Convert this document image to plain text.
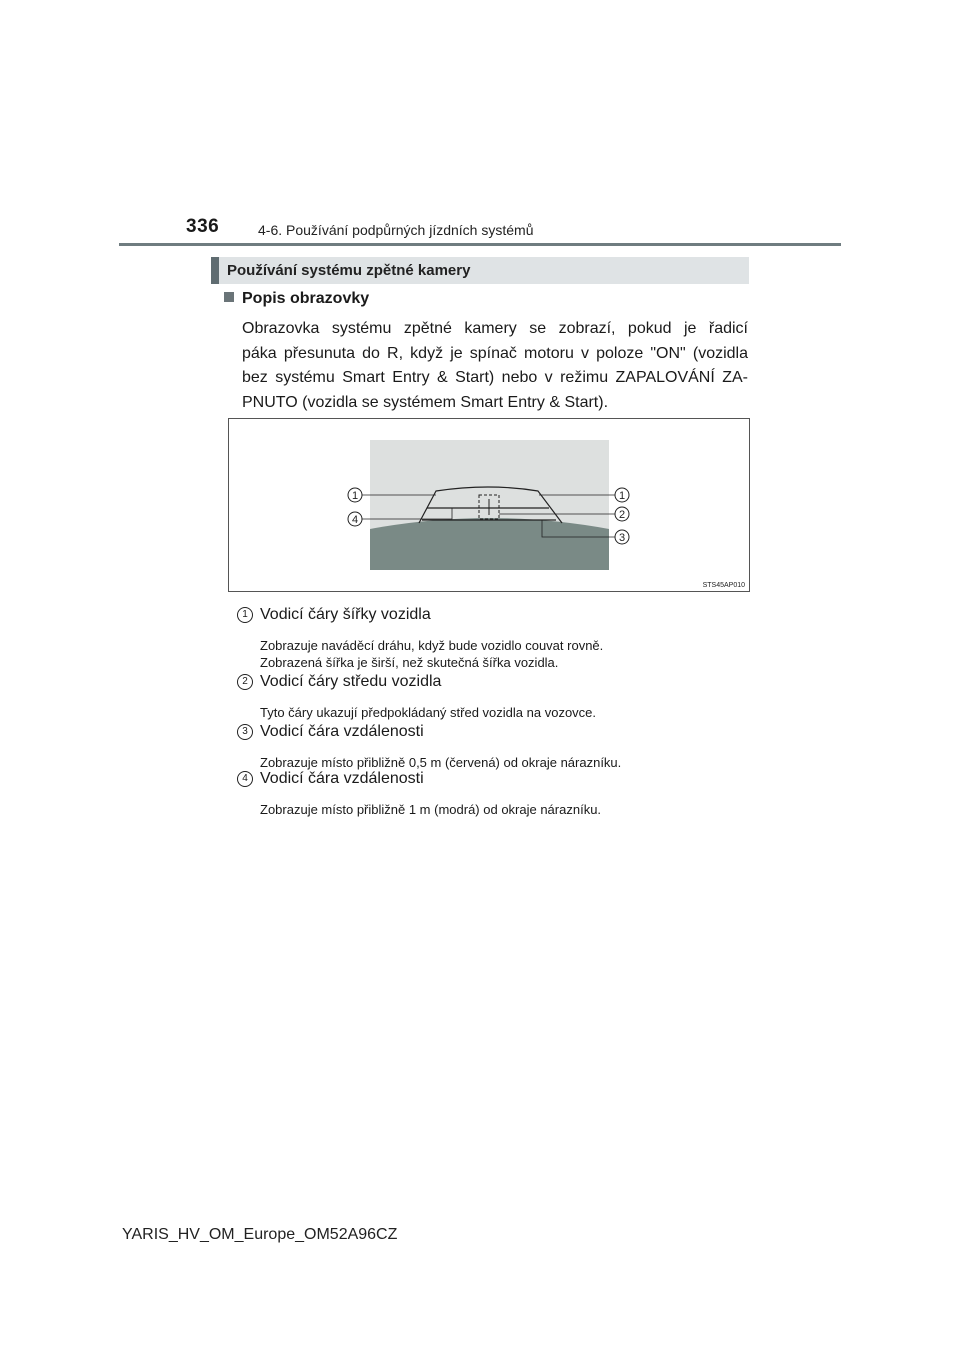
336	4-6. Používání podpůrných jízdních systémů
Používání systému zpětné kamery
Popis obrazovky

Obrazovka systému zpětné kamery se zobrazí, pokud je řadicí
páka přesunuta do R, když je spínač motoru v poloze "ON" (vozidla
bez systému Smart Entry & Start) nebo v režimu ZAPALOVÁNÍ ZA-
PNUTO (vozidla se systémem Smart Entry & Start).

1	1
4	2
3
STS45AP010
1 Vodicí čáry šířky vozidla
Zobrazuje naváděcí dráhu, když bude vozidlo couvat rovně.
Zobrazená šířka je širší, než skutečná šířka vozidla.
2 Vodicí čáry středu vozidla
Tyto čáry ukazují předpokládaný střed vozidla na vozovce.
3 Vodicí čára vzdálenosti
Zobrazuje místo přibližně 0,5 m (červená) od okraje nárazníku.
4 Vodicí čára vzdálenosti
Zobrazuje místo přibližně 1 m (modrá) od okraje nárazníku.
YARIS_HV_OM_Europe_OM52A96CZ
